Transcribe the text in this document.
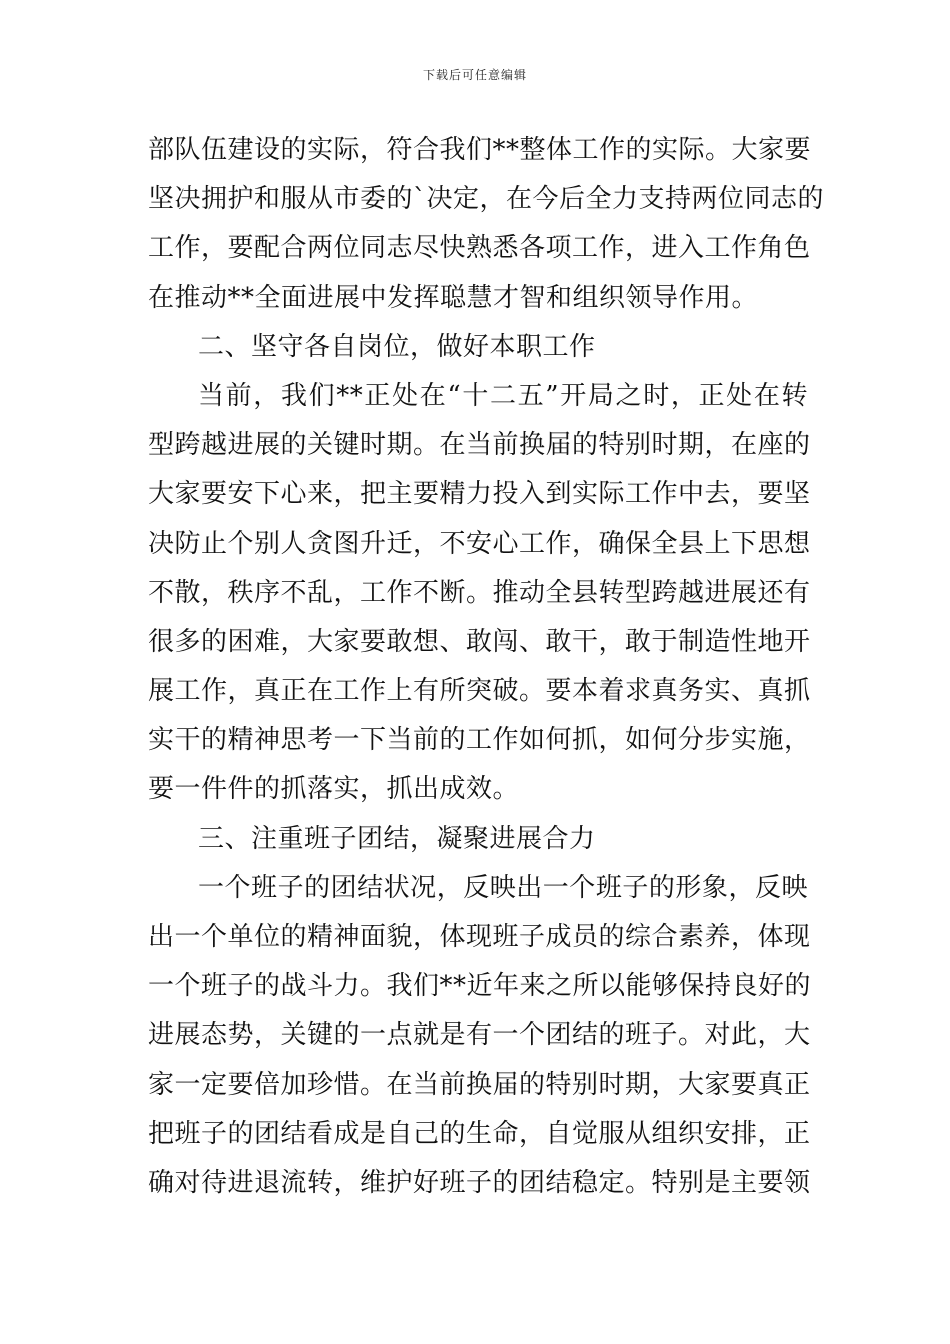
下载后可任意编辑
部队伍建设的实际，符合我们**整体工作的实际。大家要
坚决拥护和服从市委的`决定，在今后全力支持两位同志的
工作，要配合两位同志尽快熟悉各项工作，进入工作角色
在推动**全面进展中发挥聪慧才智和组织领导作用。
二、坚守各自岗位，做好本职工作
当前，我们**正处在“十二五”开局之时，正处在转
型跨越进展的关键时期。在当前换届的特别时期，在座的
大家要安下心来，把主要精力投入到实际工作中去，要坚
决防止个别人贪图升迁，不安心工作，确保全县上下思想
不散，秩序不乱，工作不断。推动全县转型跨越进展还有
很多的困难，大家要敢想、敢闯、敢干，敢于制造性地开
展工作，真正在工作上有所突破。要本着求真务实、真抓
实干的精神思考一下当前的工作如何抓，如何分步实施，
要一件件的抓落实，抓出成效。
三、注重班子团结，凝聚进展合力
一个班子的团结状况，反映出一个班子的形象，反映
出一个单位的精神面貌，体现班子成员的综合素养，体现
一个班子的战斗力。我们**近年来之所以能够保持良好的
进展态势，关键的一点就是有一个团结的班子。对此，大
家一定要倍加珍惜。在当前换届的特别时期，大家要真正
把班子的团结看成是自己的生命，自觉服从组织安排，正
确对待进退流转，维护好班子的团结稳定。特别是主要领
